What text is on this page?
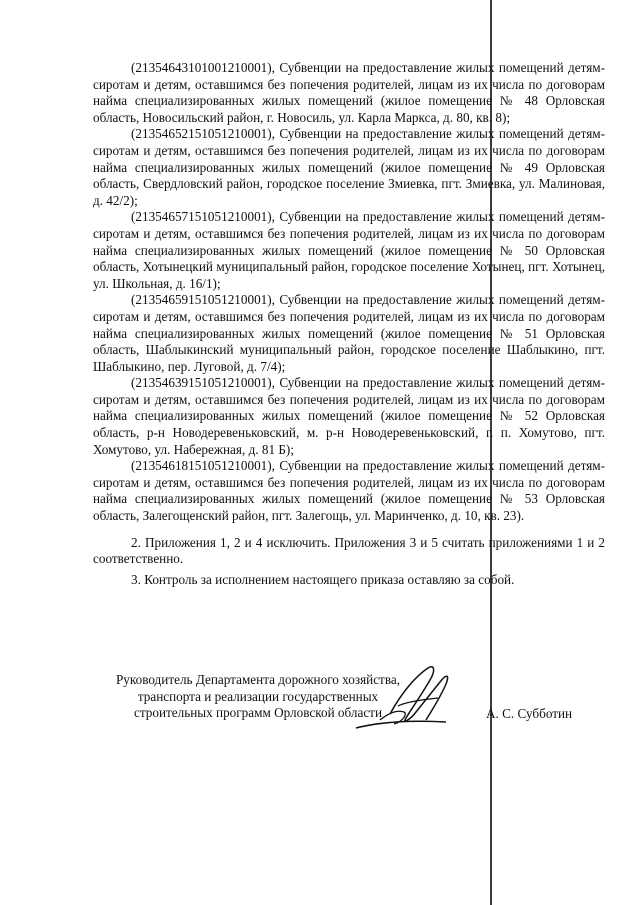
(21354643101001210001), Субвенции на предоставление жилых помещений детям-сиротам и детям, оставшимся без попечения родителей, лицам из их числа по договорам найма специализированных жилых помещений (жилое помещение № 48 Орловская область, Новосильский район, г. Новосиль, ул. Карла Маркса, д. 80, кв. 8);

(21354652151051210001), Субвенции на предоставление жилых помещений детям-сиротам и детям, оставшимся без попечения родителей, лицам из их числа по договорам найма специализированных жилых помещений (жилое помещение № 49 Орловская область, Свердловский район, городское поселение Змиевка, пгт. Змиевка, ул. Малиновая, д. 42/2);

(21354657151051210001), Субвенции на предоставление жилых помещений детям-сиротам и детям, оставшимся без попечения родителей, лицам из их числа по договорам найма специализированных жилых помещений (жилое помещение № 50 Орловская область, Хотынецкий муниципальный район, городское поселение Хотынец, пгт. Хотынец, ул. Школьная, д. 16/1);

(21354659151051210001), Субвенции на предоставление жилых помещений детям-сиротам и детям, оставшимся без попечения родителей, лицам из их числа по договорам найма специализированных жилых помещений (жилое помещение № 51 Орловская область, Шаблыкинский муниципальный район, городское поселение Шаблыкино, пгт. Шаблыкино, пер. Луговой, д. 7/4);

(21354639151051210001), Субвенции на предоставление жилых помещений детям-сиротам и детям, оставшимся без попечения родителей, лицам из их числа по договорам найма специализированных жилых помещений (жилое помещение № 52 Орловская область, р-н Новодеревеньковский, м. р-н Новодеревеньковский, г. п. Хомутово, пгт. Хомутово, ул. Набережная, д. 81 Б);

(21354618151051210001), Субвенции на предоставление жилых помещений детям-сиротам и детям, оставшимся без попечения родителей, лицам из их числа по договорам найма специализированных жилых помещений (жилое помещение № 53 Орловская область, Залегощенский район, пгт. Залегощь, ул. Маринченко, д. 10, кв. 23).

2. Приложения 1, 2 и 4 исключить. Приложения 3 и 5 считать приложениями 1 и 2 соответственно.

3. Контроль за исполнением настоящего приказа оставляю за собой.

Руководитель Департамента дорожного хозяйства,
транспорта и реализации государственных
строительных программ Орловской области	А. С. Субботин
